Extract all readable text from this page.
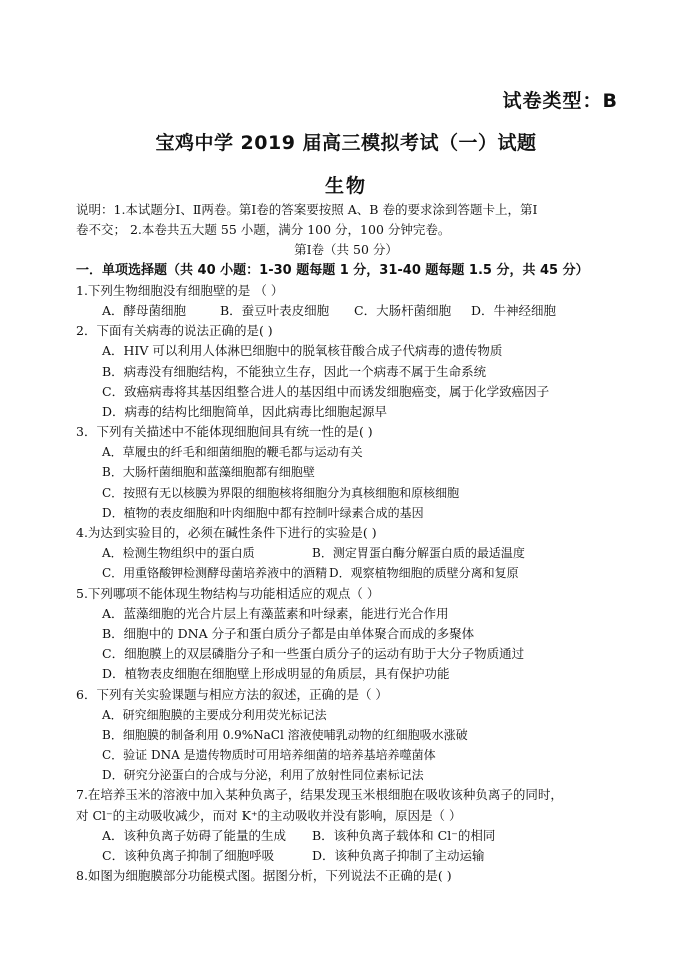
试卷类型：B
宝鸡中学 2019 届高三模拟考试（一）试题
生物
说明：1.本试题分Ⅰ、Ⅱ两卷。第Ⅰ卷的答案要按照 A、B 卷的要求涂到答题卡上，第Ⅰ
卷不交； 2.本卷共五大题 55 小题，满分 100 分，100 分钟完卷。
第Ⅰ卷（共 50 分）
一．单项选择题（共 40 小题：1-30 题每题 1 分，31-40 题每题 1.5 分，共 45 分）
1.下列生物细胞没有细胞壁的是 （ ）
A．酵母菌细胞	B．蚕豆叶表皮细胞	C．大肠杆菌细胞	D．牛神经细胞
2．下面有关病毒的说法正确的是( )
A．HIV 可以利用人体淋巴细胞中的脱氧核苷酸合成子代病毒的遗传物质
B．病毒没有细胞结构，不能独立生存，因此一个病毒不属于生命系统
C．致癌病毒将其基因组整合进人的基因组中而诱发细胞癌变，属于化学致癌因子
D．病毒的结构比细胞简单，因此病毒比细胞起源早
3．下列有关描述中不能体现细胞间具有统一性的是( )
A．草履虫的纤毛和细菌细胞的鞭毛都与运动有关
B．大肠杆菌细胞和蓝藻细胞都有细胞壁
C．按照有无以核膜为界限的细胞核将细胞分为真核细胞和原核细胞
D．植物的表皮细胞和叶肉细胞中都有控制叶绿素合成的基因
4.为达到实验目的，必须在碱性条件下进行的实验是( )
A．检测生物组织中的蛋白质	B．测定胃蛋白酶分解蛋白质的最适温度
C．用重铬酸钾检测酵母菌培养液中的酒精 D．观察植物细胞的质壁分离和复原
5.下列哪项不能体现生物结构与功能相适应的观点（ ）
A．蓝藻细胞的光合片层上有藻蓝素和叶绿素，能进行光合作用
B．细胞中的 DNA 分子和蛋白质分子都是由单体聚合而成的多聚体
C．细胞膜上的双层磷脂分子和一些蛋白质分子的运动有助于大分子物质通过
D．植物表皮细胞在细胞壁上形成明显的角质层，具有保护功能
6．下列有关实验课题与相应方法的叙述，正确的是（ ）
A．研究细胞膜的主要成分利用荧光标记法
B．细胞膜的制备利用 0.9%NaCl 溶液使哺乳动物的红细胞吸水涨破
C．验证 DNA 是遗传物质时可用培养细菌的培养基培养噬菌体
D．研究分泌蛋白的合成与分泌，利用了放射性同位素标记法
7.在培养玉米的溶液中加入某种负离子，结果发现玉米根细胞在吸收该种负离子的同时，
对 Cl⁻的主动吸收减少，而对 K⁺的主动吸收并没有影响，原因是（ ）
A．该种负离子妨碍了能量的生成	B．该种负离子载体和 Cl⁻的相同
C．该种负离子抑制了细胞呼吸	D．该种负离子抑制了主动运输
8.如图为细胞膜部分功能模式图。据图分析，下列说法不正确的是( )
